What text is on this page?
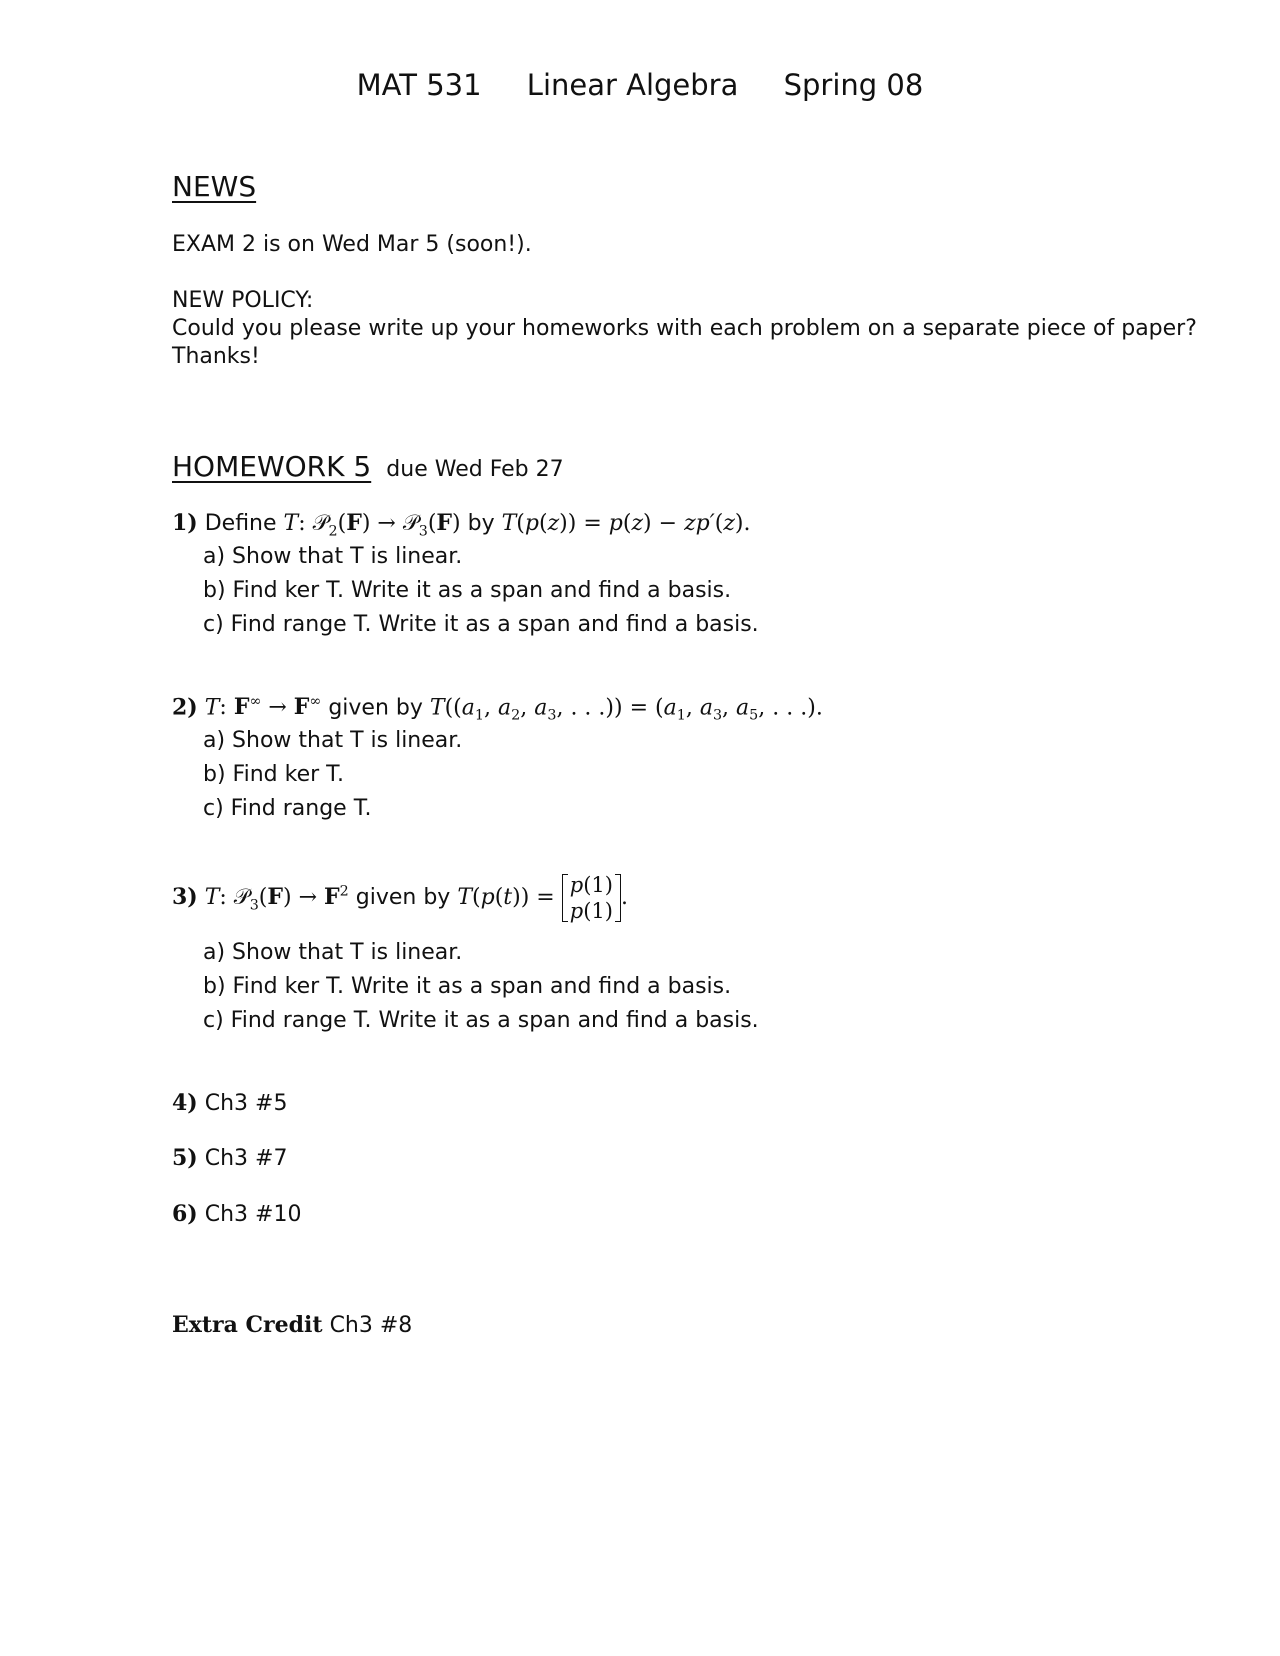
MAT 531 Linear Algebra Spring 08
NEWS
EXAM 2 is on Wed Mar 5 (soon!).
NEW POLICY:
Could you please write up your homeworks with each problem on a separate piece of paper?
Thanks!
HOMEWORK 5 due Wed Feb 27
1) Define T: 𝒫$_2$(F) → 𝒫$_3$(F) by T(p(z)) = p(z) − zp′(z).
a) Show that T is linear.
b) Find ker T. Write it as a span and find a basis.
c) Find range T. Write it as a span and find a basis.
2) T: F∞ → F∞ given by $T((a_1$, $a_2$, $a_3$, . . .)) = ($a_1$, $a_3$, $a_5$, . . .).
a) Show that T is linear.
b) Find ker T.
c) Find range T.
3) T: 𝒫$_3$(F) → $F^2$ given by T(p(t)) = p(1)
p(1)
.
a) Show that T is linear.
b) Find ker T. Write it as a span and find a basis.
c) Find range T. Write it as a span and find a basis.
4) Ch3 #5
5) Ch3 #7
6) Ch3 #10
Extra Credit Ch3 #8
